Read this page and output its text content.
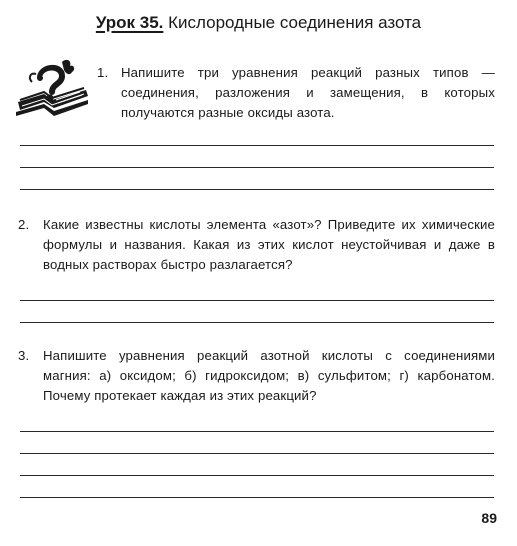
Урок 35. Кислородные соединения азота
1. Напишите три уравнения реакций разных типов — соединения, разложения и замещения, в которых получаются разные оксиды азота.
2. Какие известны кислоты элемента «азот»? Приведите их химические формулы и названия. Какая из этих кислот неустойчивая и даже в водных растворах быстро разлагается?
3. Напишите уравнения реакций азотной кислоты с соединениями магния: а) оксидом; б) гидроксидом; в) сульфитом; г) карбонатом. Почему протекает каждая из этих реакций?
89
